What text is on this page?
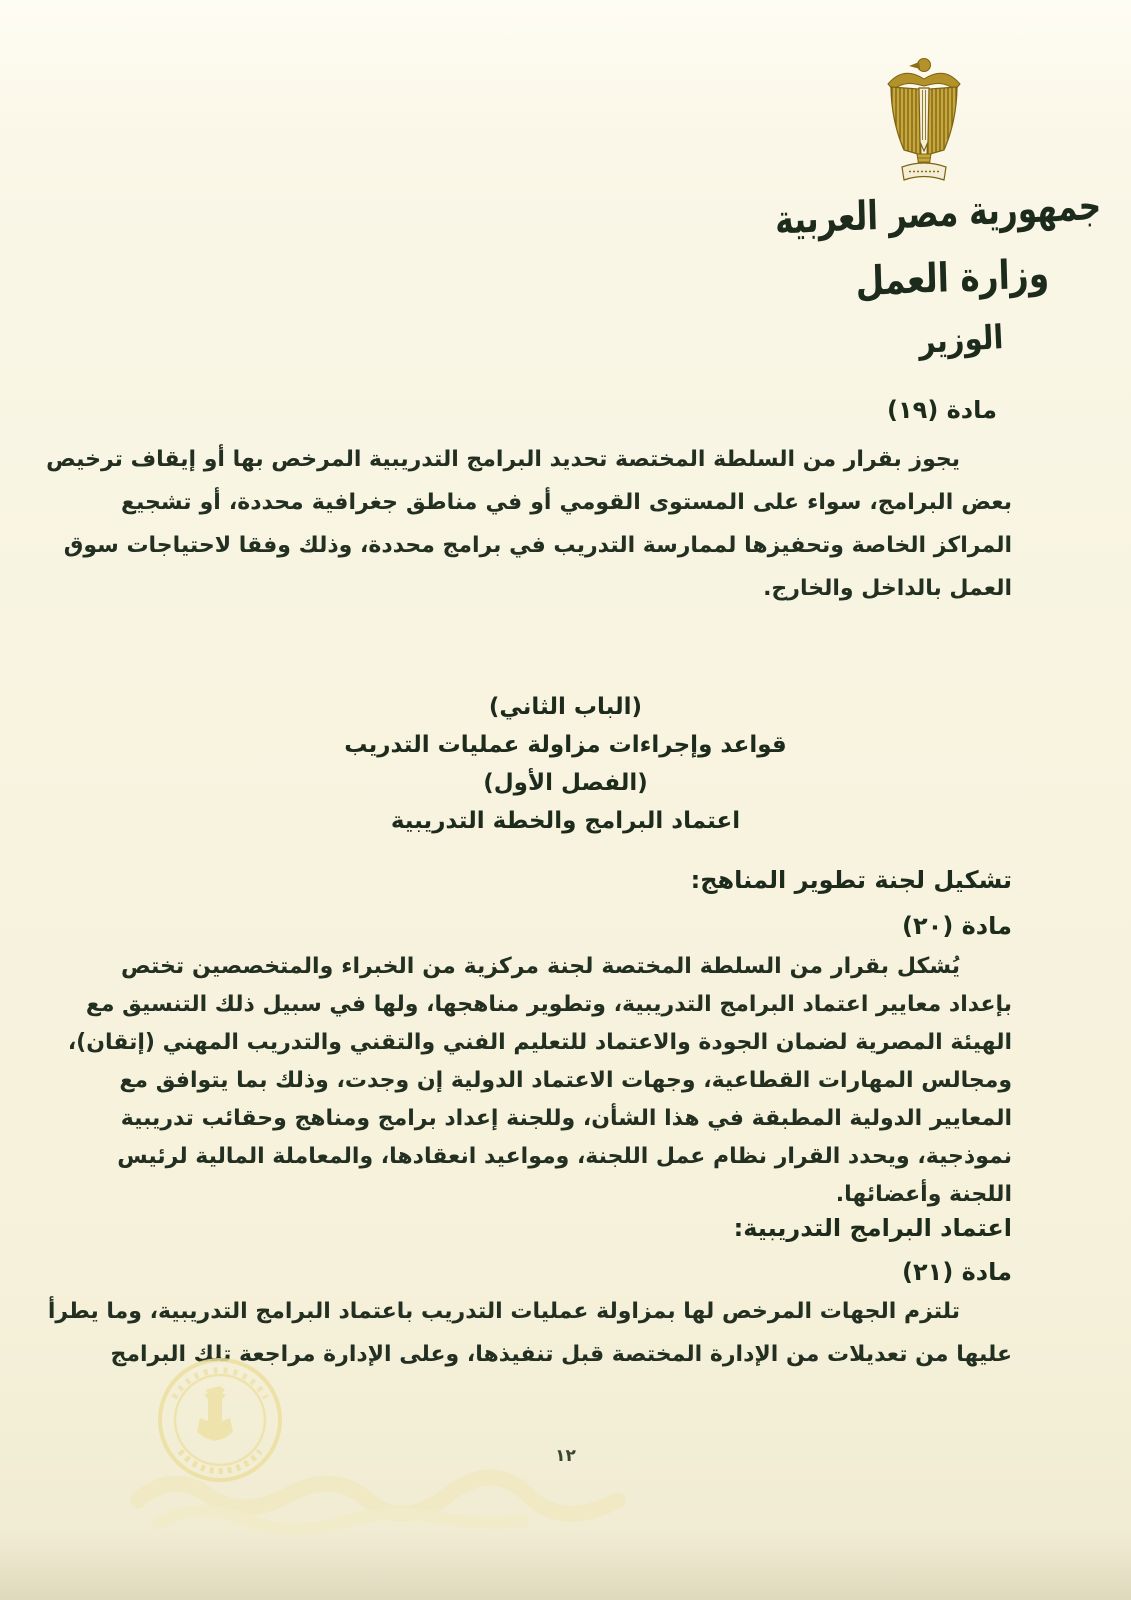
جمهورية مصر العربية
وزارة العمل
الوزير
مادة (١٩)
يجوز بقرار من السلطة المختصة تحديد البرامج التدريبية المرخص بها أو إيقاف ترخيص
بعض البرامج، سواء على المستوى القومي أو في مناطق جغرافية محددة، أو تشجيع
المراكز الخاصة وتحفيزها لممارسة التدريب في برامج محددة، وذلك وفقا لاحتياجات سوق
العمل بالداخل والخارج.
(الباب الثاني)
قواعد وإجراءات مزاولة عمليات التدريب
(الفصل الأول)
اعتماد البرامج والخطة التدريبية
تشكيل لجنة تطوير المناهج:
مادة (٢٠)
يُشكل بقرار من السلطة المختصة لجنة مركزية من الخبراء والمتخصصين تختص
بإعداد معايير اعتماد البرامج التدريبية، وتطوير مناهجها، ولها في سبيل ذلك التنسيق مع
الهيئة المصرية لضمان الجودة والاعتماد للتعليم الفني والتقني والتدريب المهني (إتقان)،
ومجالس المهارات القطاعية، وجهات الاعتماد الدولية إن وجدت، وذلك بما يتوافق مع
المعايير الدولية المطبقة في هذا الشأن، وللجنة إعداد برامج ومناهج وحقائب تدريبية
نموذجية، ويحدد القرار نظام عمل اللجنة، ومواعيد انعقادها، والمعاملة المالية لرئيس
اللجنة وأعضائها.
اعتماد البرامج التدريبية:
مادة (٢١)
تلتزم الجهات المرخص لها بمزاولة عمليات التدريب باعتماد البرامج التدريبية، وما يطرأ
عليها من تعديلات من الإدارة المختصة قبل تنفيذها، وعلى الإدارة مراجعة تلك البرامج
١٢
